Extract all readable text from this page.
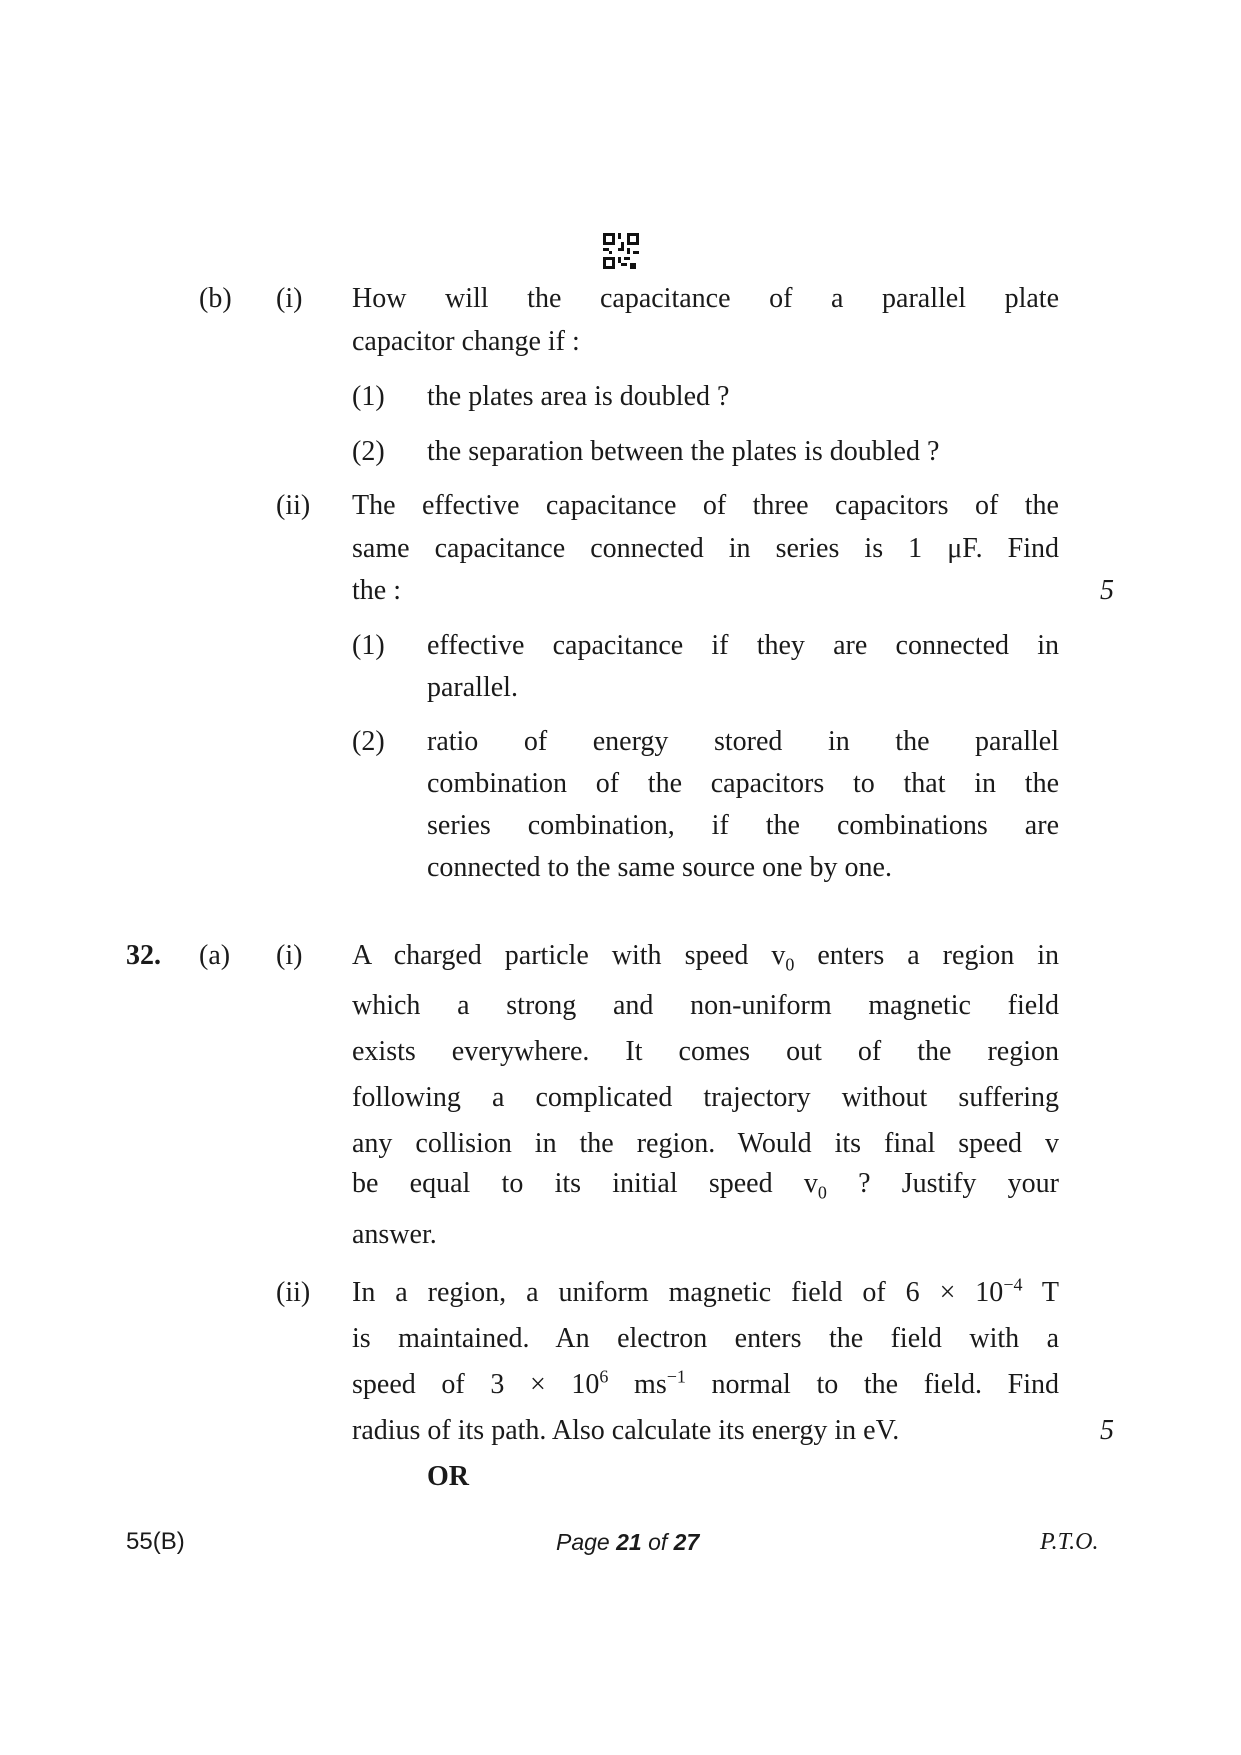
(b) (i) How will the capacitance of a parallel plate
capacitor change if :
(1) the plates area is doubled ?
(2) the separation between the plates is doubled ?
(ii) The effective capacitance of three capacitors of the
same capacitance connected in series is 1 μF. Find
the :	5
(1) effective capacitance if they are connected in
parallel.
(2) ratio of energy stored in the parallel
combination of the capacitors to that in the
series combination, if the combinations are
connected to the same source one by one.
32. (a) (i) A charged particle with speed $v_0$ enters a region in
which a strong and non-uniform magnetic field
exists everywhere. It comes out of the region
following a complicated trajectory without suffering
any collision in the region. Would its final speed v
be equal to its initial speed $v_0$ ? Justify your
answer.
(ii) In a region, a uniform magnetic field of $6 \times 10^{-4}$ T
is maintained. An electron enters the field with a
speed of $3 \times 10^6$ $ms^{-1}$ normal to the field. Find
radius of its path. Also calculate its energy in eV.	5
OR
55(B)	Page 21 of 27	P.T.O.
